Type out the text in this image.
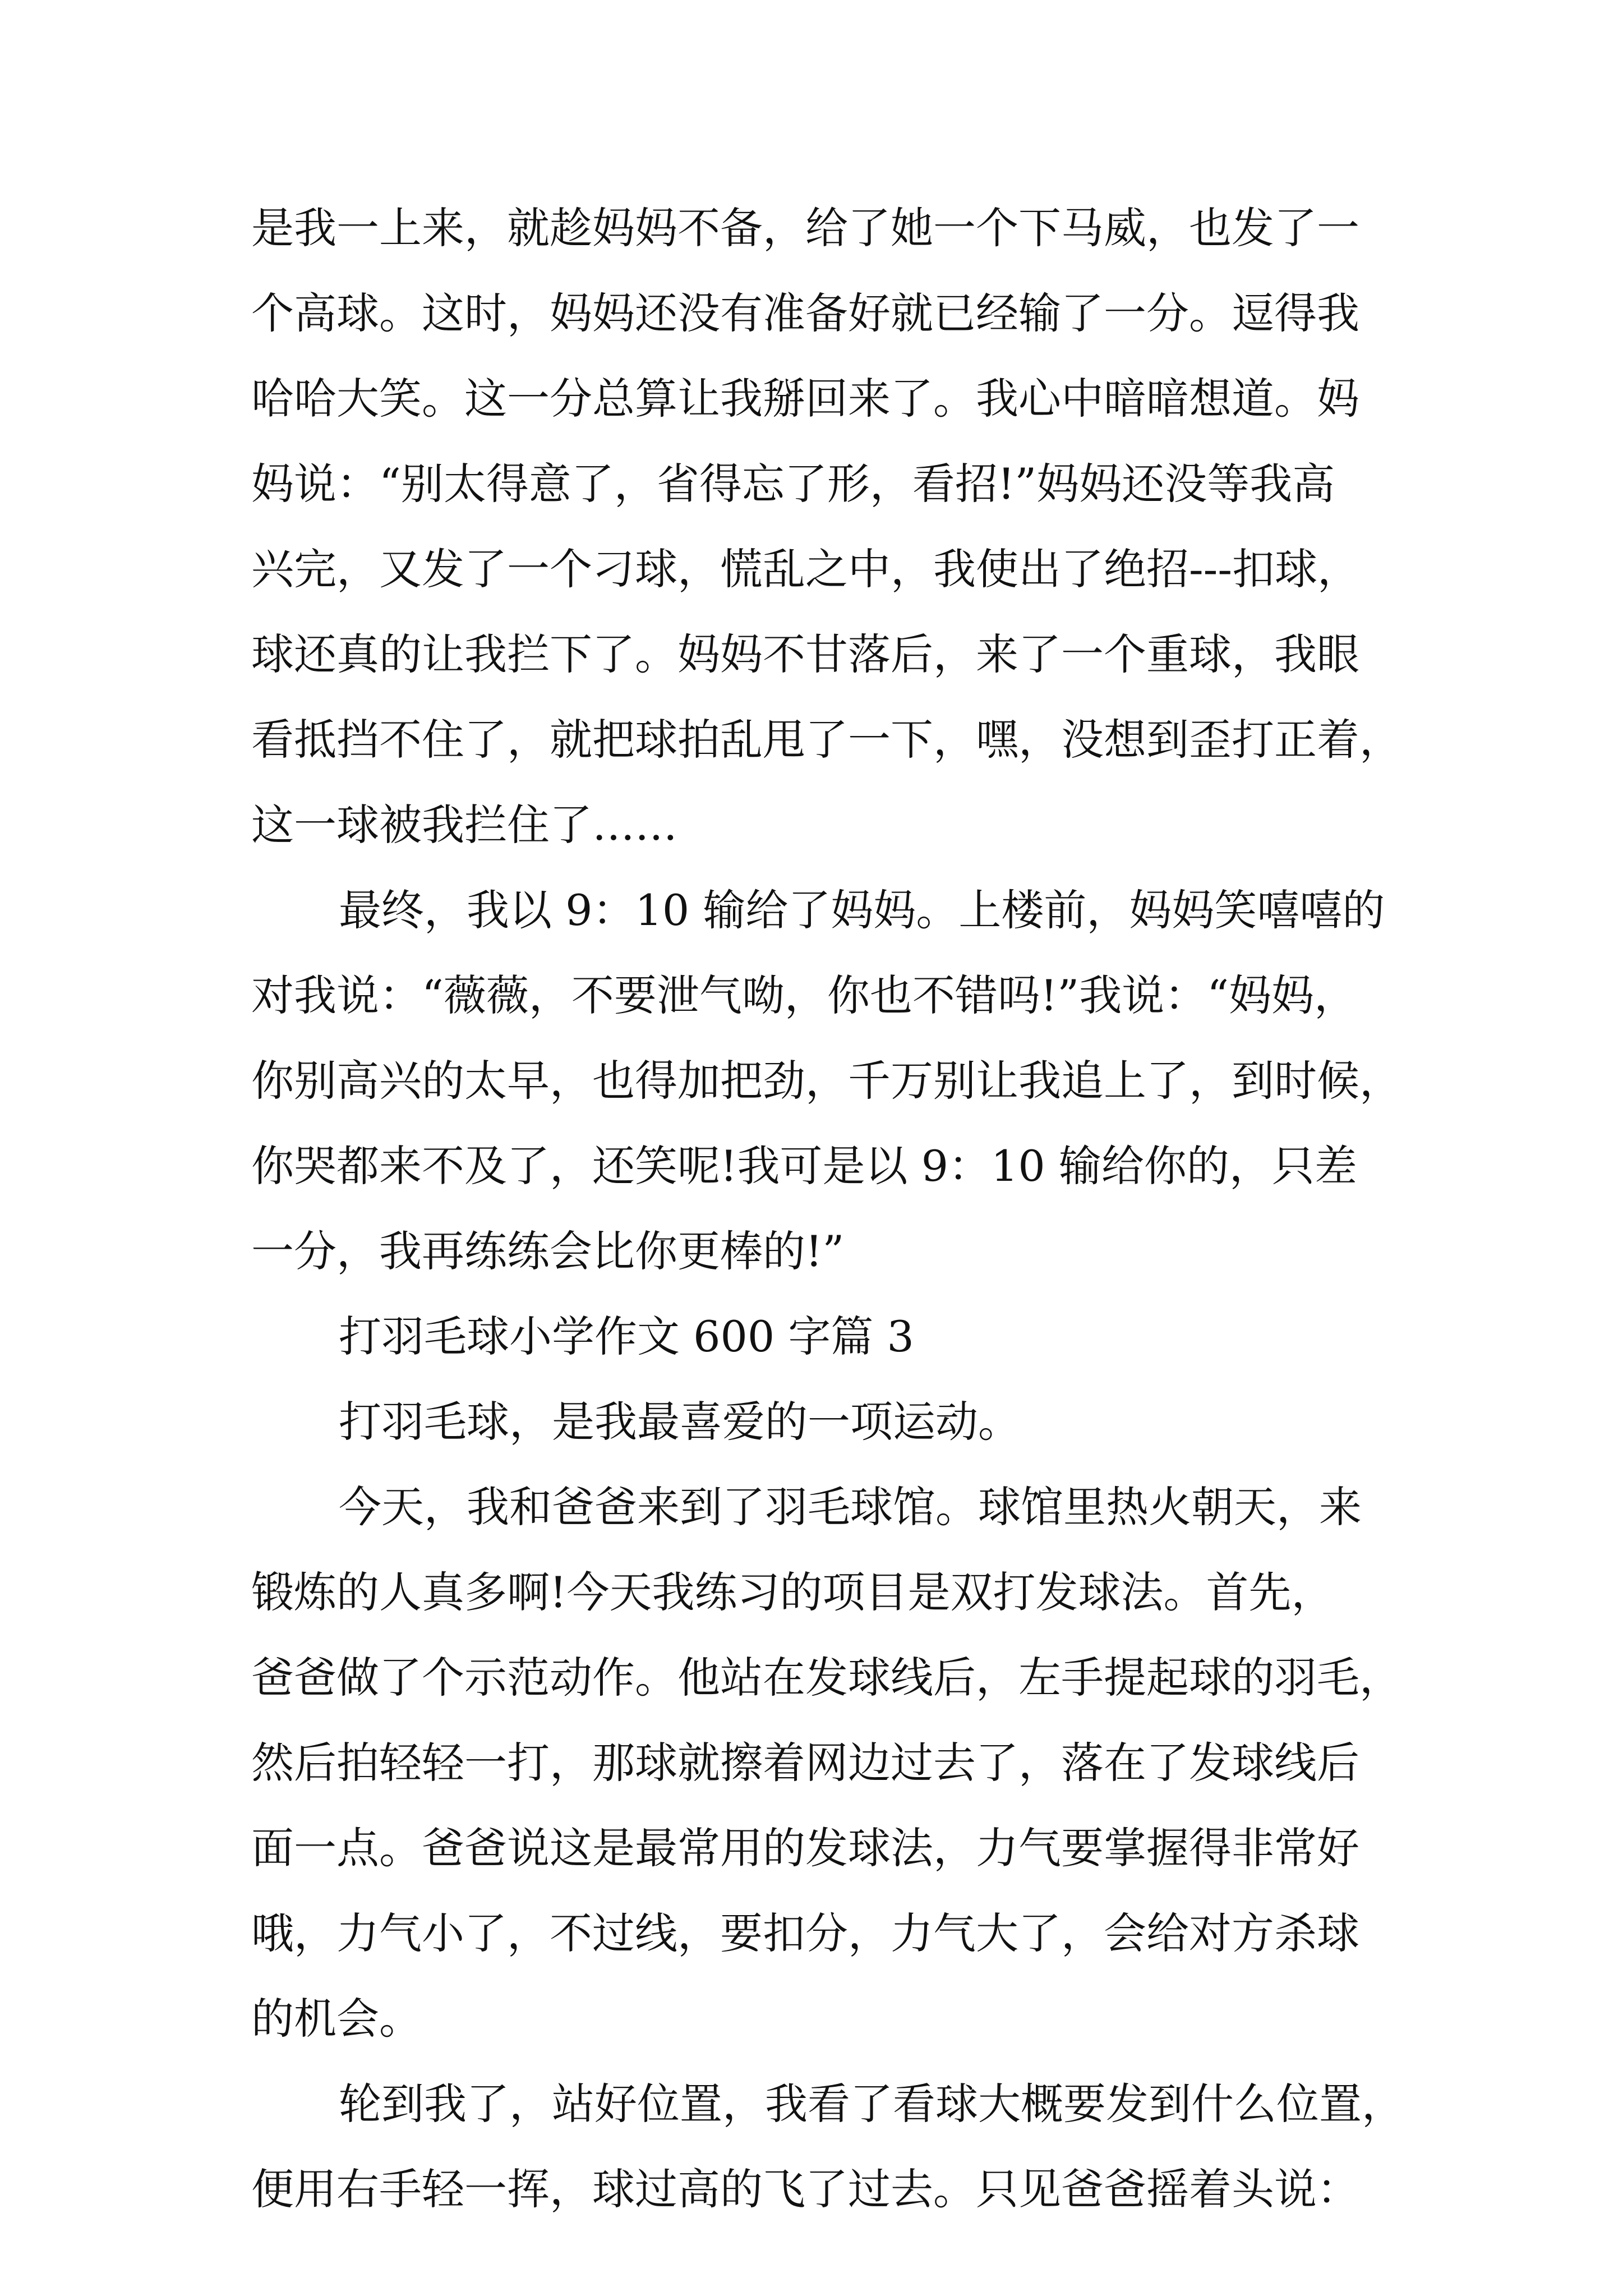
是我一上来，就趁妈妈不备，给了她一个下马威，也发了一
个高球。这时，妈妈还没有准备好就已经输了一分。逗得我
哈哈大笑。这一分总算让我掰回来了。我心中暗暗想道。妈
妈说：“别太得意了，省得忘了形，看招!”妈妈还没等我高
兴完，又发了一个刁球，慌乱之中，我使出了绝招---扣球，
球还真的让我拦下了。妈妈不甘落后，来了一个重球，我眼
看抵挡不住了，就把球拍乱甩了一下，嘿，没想到歪打正着，
这一球被我拦住了……
最终，我以 9：10 输给了妈妈。上楼前，妈妈笑嘻嘻的
对我说：“薇薇，不要泄气呦，你也不错吗!”我说：“妈妈，
你别高兴的太早，也得加把劲，千万别让我追上了，到时候，
你哭都来不及了，还笑呢!我可是以 9：10 输给你的，只差
一分，我再练练会比你更棒的!”
打羽毛球小学作文 600 字篇 3
打羽毛球，是我最喜爱的一项运动。
今天，我和爸爸来到了羽毛球馆。球馆里热火朝天，来
锻炼的人真多啊!今天我练习的项目是双打发球法。首先，
爸爸做了个示范动作。他站在发球线后，左手提起球的羽毛，
然后拍轻轻一打，那球就擦着网边过去了，落在了发球线后
面一点。爸爸说这是最常用的发球法，力气要掌握得非常好
哦，力气小了，不过线，要扣分，力气大了，会给对方杀球
的机会。
轮到我了，站好位置，我看了看球大概要发到什么位置，
便用右手轻一挥，球过高的飞了过去。只见爸爸摇着头说：
